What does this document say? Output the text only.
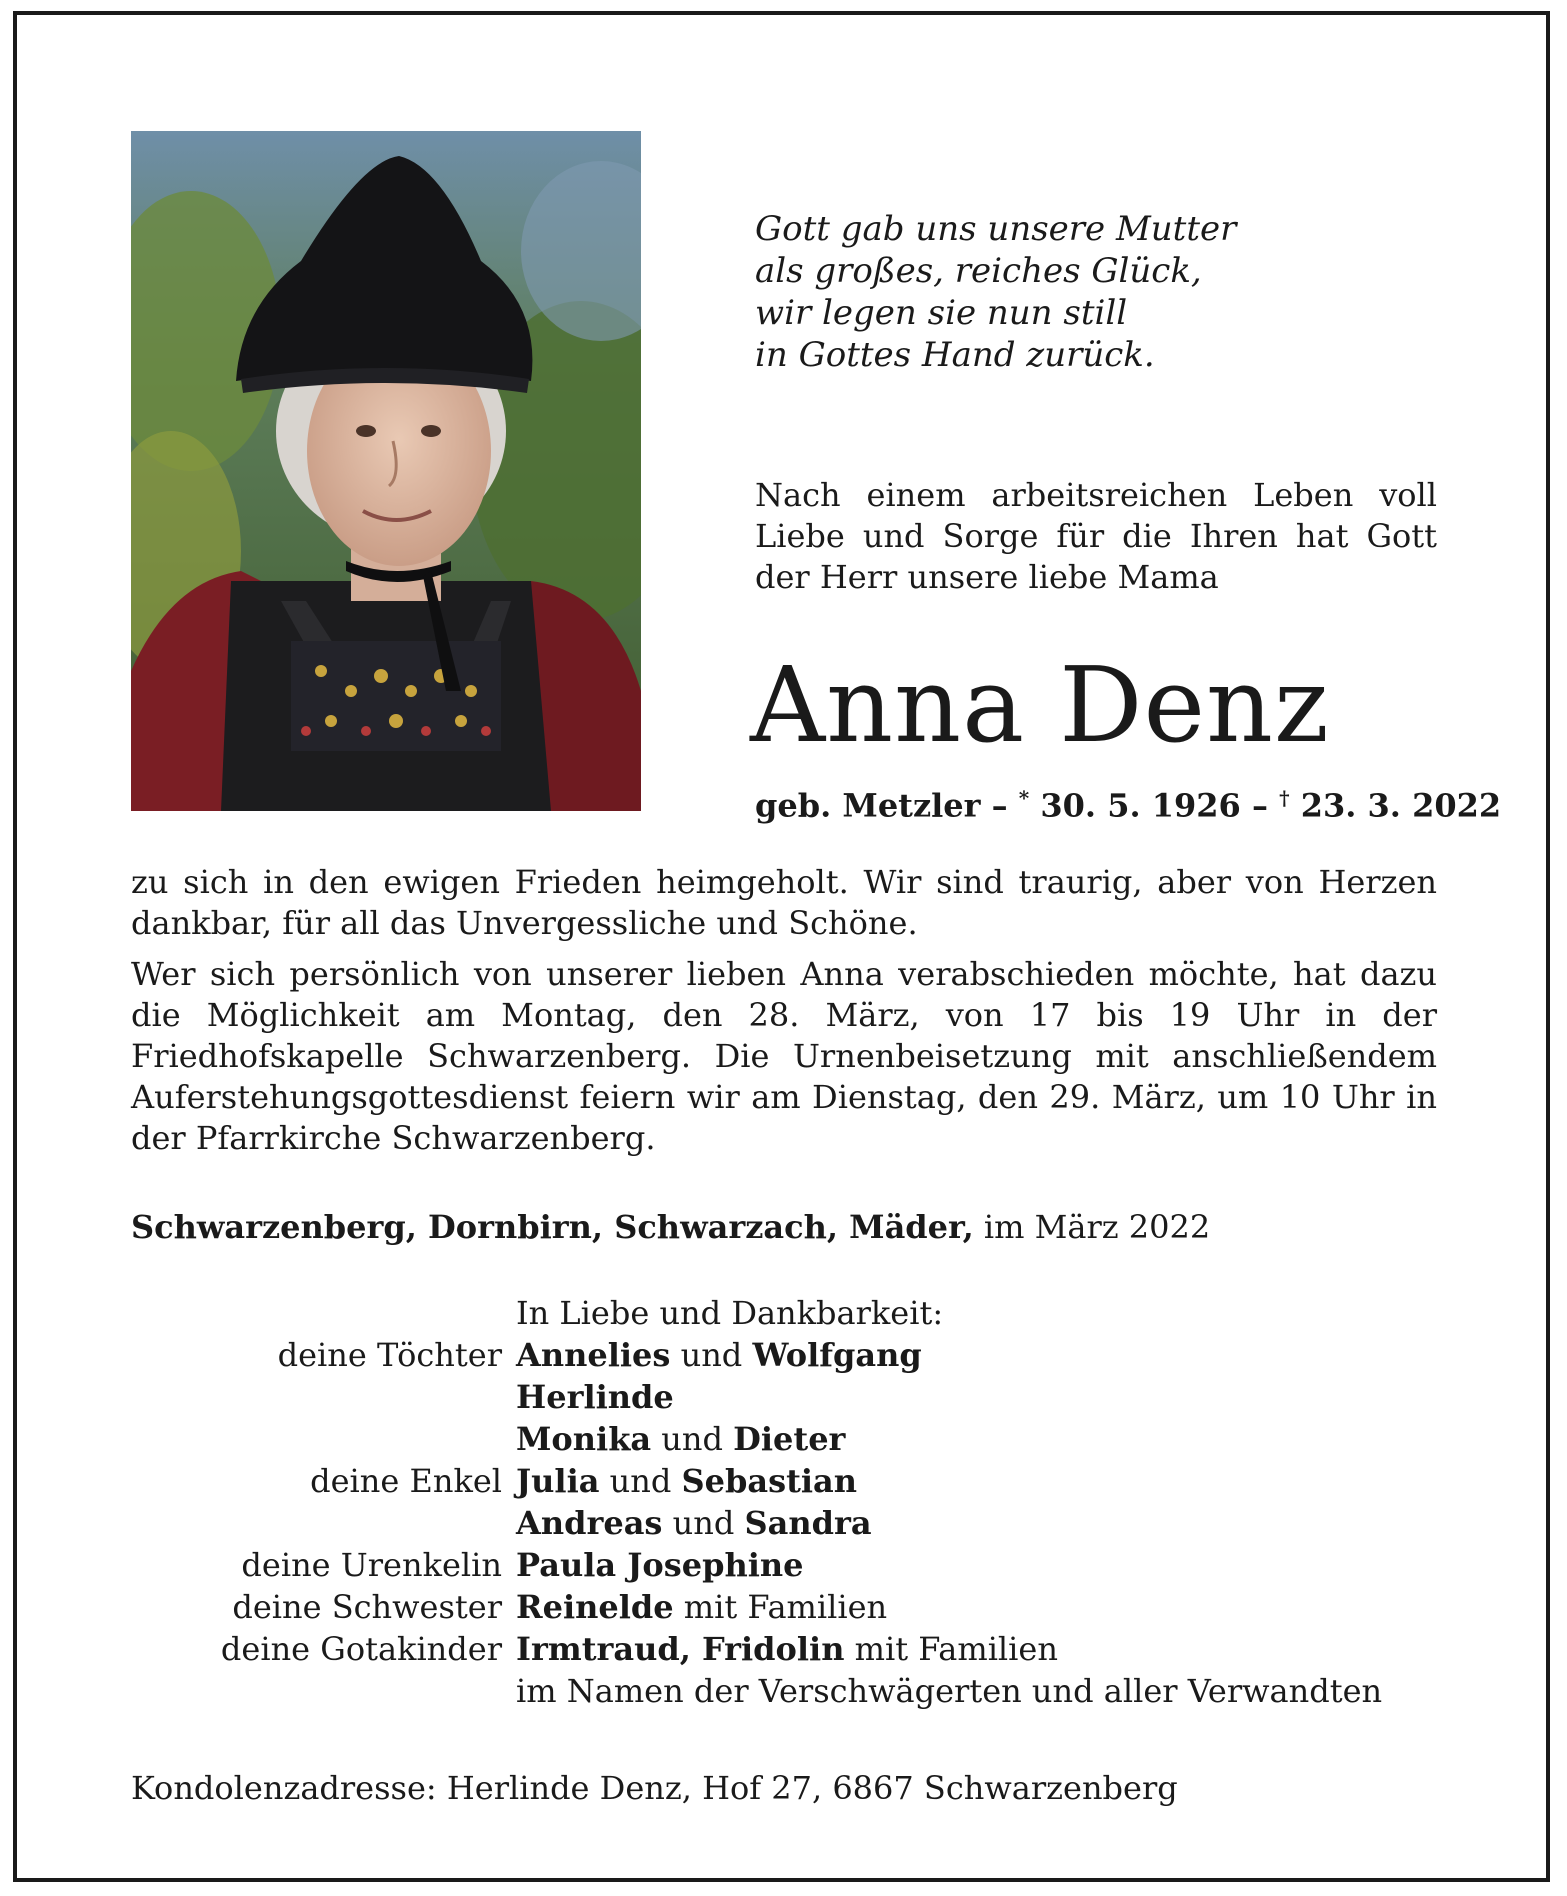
Gott gab uns unsere Mutter
als großes, reiches Glück,
wir legen sie nun still
in Gottes Hand zurück.
Nach einem arbeitsreichen Leben voll Liebe und Sorge für die Ihren hat Gott der Herr unsere liebe Mama
Anna Denz
geb. Metzler – * 30. 5. 1926 – † 23. 3. 2022

zu sich in den ewigen Frieden heimgeholt. Wir sind traurig, aber von Herzen dankbar, für all das Unvergessliche und Schöne.

Wer sich persönlich von unserer lieben Anna verabschieden möchte, hat dazu die Möglichkeit am Montag, den 28. März, von 17 bis 19 Uhr in der Friedhofskapelle Schwarzenberg. Die Urnenbeisetzung mit anschließendem Auferstehungsgottesdienst feiern wir am Dienstag, den 29. März, um 10 Uhr in der Pfarrkirche Schwarzenberg.

Schwarzenberg, Dornbirn, Schwarzach, Mäder, im März 2022
In Liebe und Dankbarkeit:
deine Töchter Annelies und Wolfgang
Herlinde
Monika und Dieter
deine Enkel Julia und Sebastian
Andreas und Sandra
deine Urenkelin Paula Josephine
deine Schwester Reinelde mit Familien
deine Gotakinder Irmtraud, Fridolin mit Familien
im Namen der Verschwägerten und aller Verwandten
Kondolenzadresse: Herlinde Denz, Hof 27, 6867 Schwarzenberg
